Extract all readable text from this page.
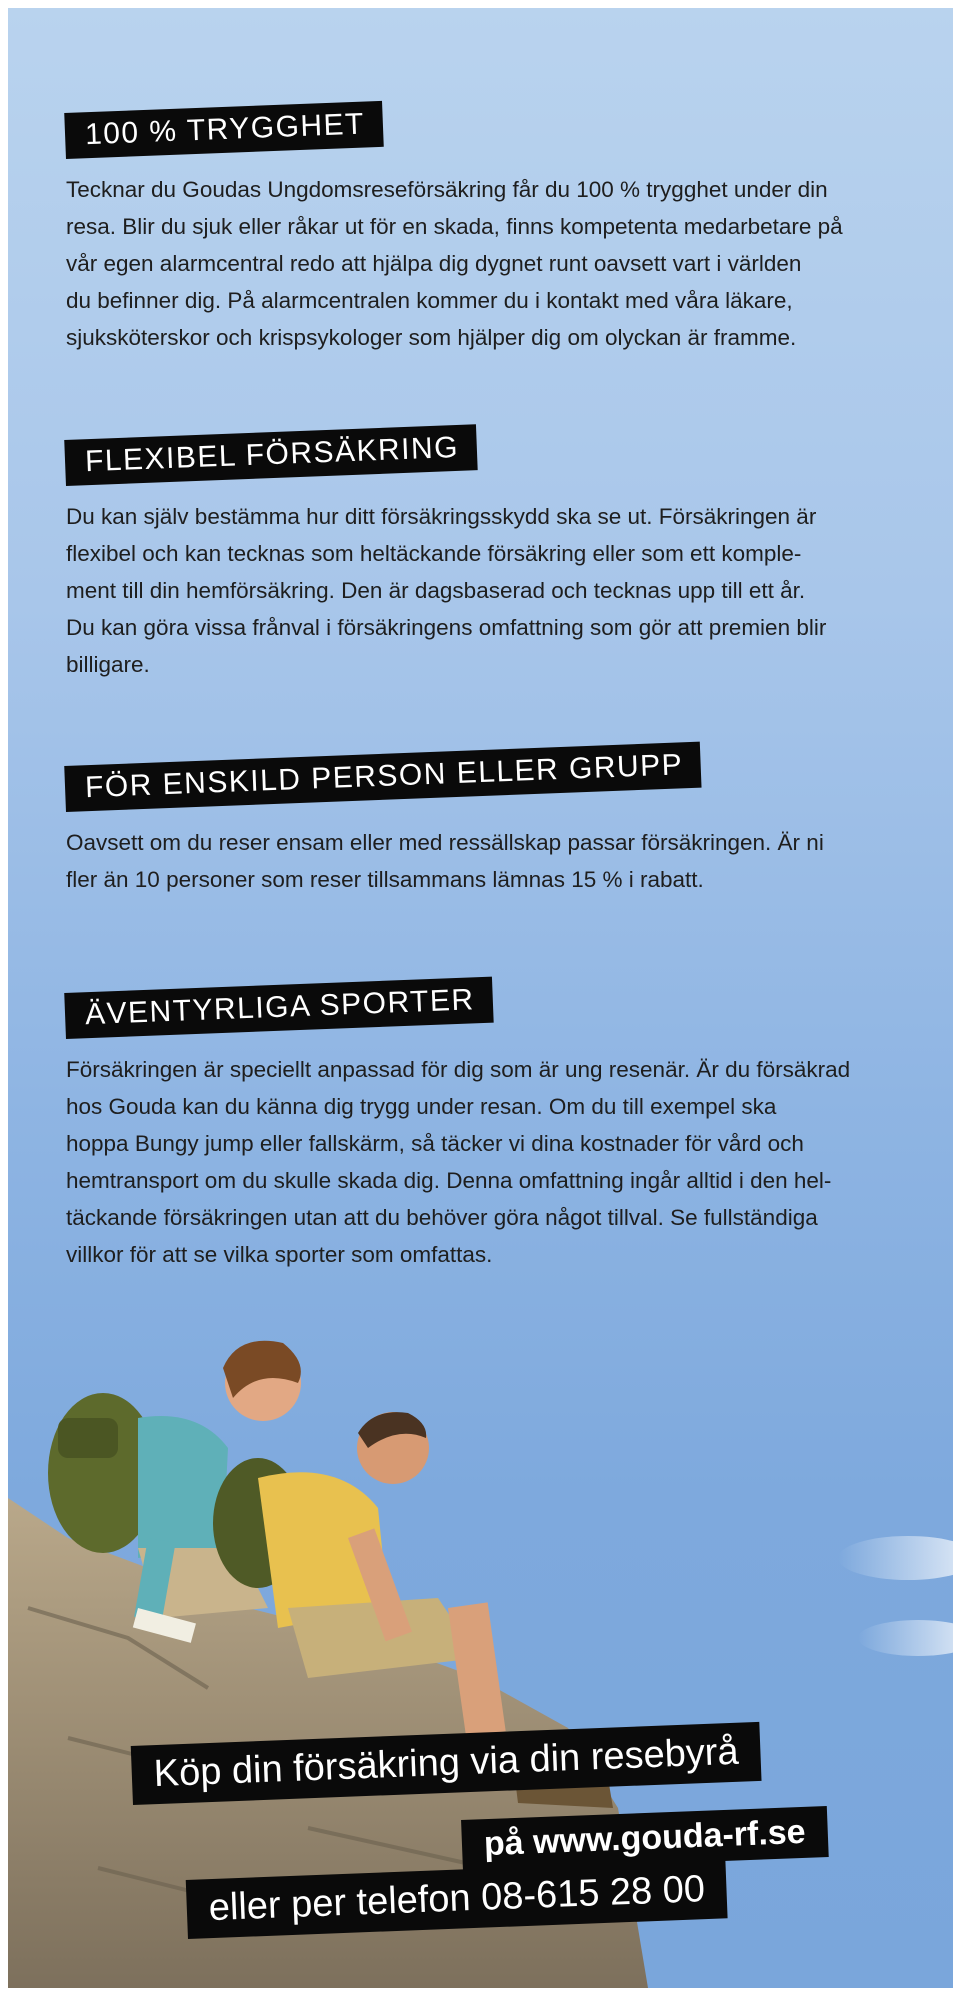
100 % TRYGGHET
Tecknar du Goudas Ungdomsreseförsäkring får du 100 % trygghet under din
resa. Blir du sjuk eller råkar ut för en skada, finns kompetenta medarbetare på
vår egen alarmcentral redo att hjälpa dig dygnet runt oavsett vart i världen
du befinner dig. På alarmcentralen kommer du i kontakt med våra läkare,
sjuksköterskor och krispsykologer som hjälper dig om olyckan är framme.
FLEXIBEL FÖRSÄKRING
Du kan själv bestämma hur ditt försäkringsskydd ska se ut. Försäkringen är
flexibel och kan tecknas som heltäckande försäkring eller som ett komple-
ment till din hemförsäkring. Den är dagsbaserad och tecknas upp till ett år.
Du kan göra vissa frånval i försäkringens omfattning som gör att premien blir
billigare.
FÖR ENSKILD PERSON ELLER GRUPP
Oavsett om du reser ensam eller med ressällskap passar försäkringen. Är ni
fler än 10 personer som reser tillsammans lämnas 15 % i rabatt.
ÄVENTYRLIGA SPORTER
Försäkringen är speciellt anpassad för dig som är ung resenär. Är du försäkrad
hos Gouda kan du känna dig trygg under resan. Om du till exempel ska
hoppa Bungy jump eller fallskärm, så täcker vi dina kostnader för vård och
hemtransport om du skulle skada dig. Denna omfattning ingår alltid i den hel-
täckande försäkringen utan att du behöver göra något tillval. Se fullständiga
villkor för att se vilka sporter som omfattas.
Köp din försäkring via din resebyrå
på www.gouda-rf.se
eller per telefon 08-615 28 00
